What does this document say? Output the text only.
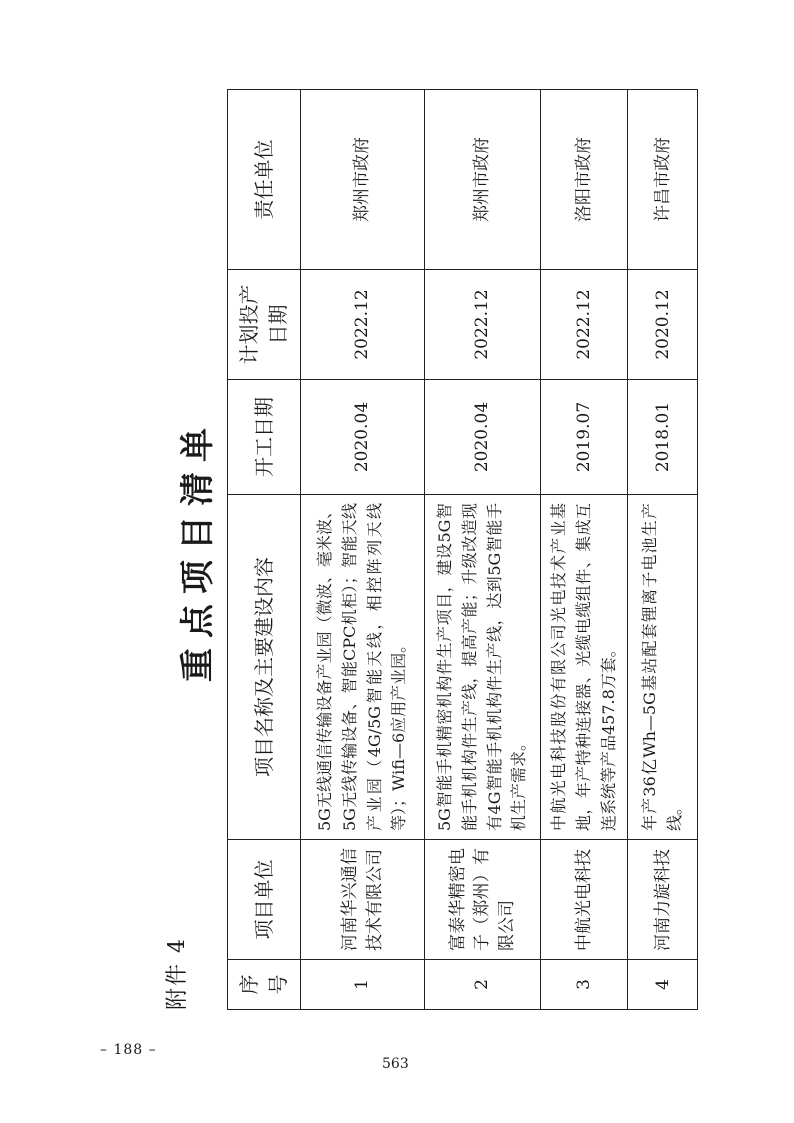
附件 4
重点项目清单
序号	项目单位	项目名称及主要建设内容	开工日期	计划投产日期	责任单位
1	河南华兴通信技术有限公司	5G无线通信传输设备产业园（微波、毫米波、5G无线传输设备、智能CPC机柜）；智能天线产业园（4G/5G智能天线，相控阵列天线等）；Wifi—6应用产业园。	2020.04	2022.12	郑州市政府
2	富泰华精密电子（郑州）有限公司	5G智能手机精密机构件生产项目，建设5G智能手机机构件生产线，提高产能；升级改造现有4G智能手机机构件生产线，达到5G智能手机生产需求。	2020.04	2022.12	郑州市政府
3	中航光电科技	中航光电科技股份有限公司光电技术产业基地，年产特种连接器、光缆电缆组件、集成互连系统等产品457.8万套。	2019.07	2022.12	洛阳市政府
4	河南力旋科技	年产36亿Wh—5G基站配套锂离子电池生产线。	2018.01	2020.12	许昌市政府
– 188 –
563
